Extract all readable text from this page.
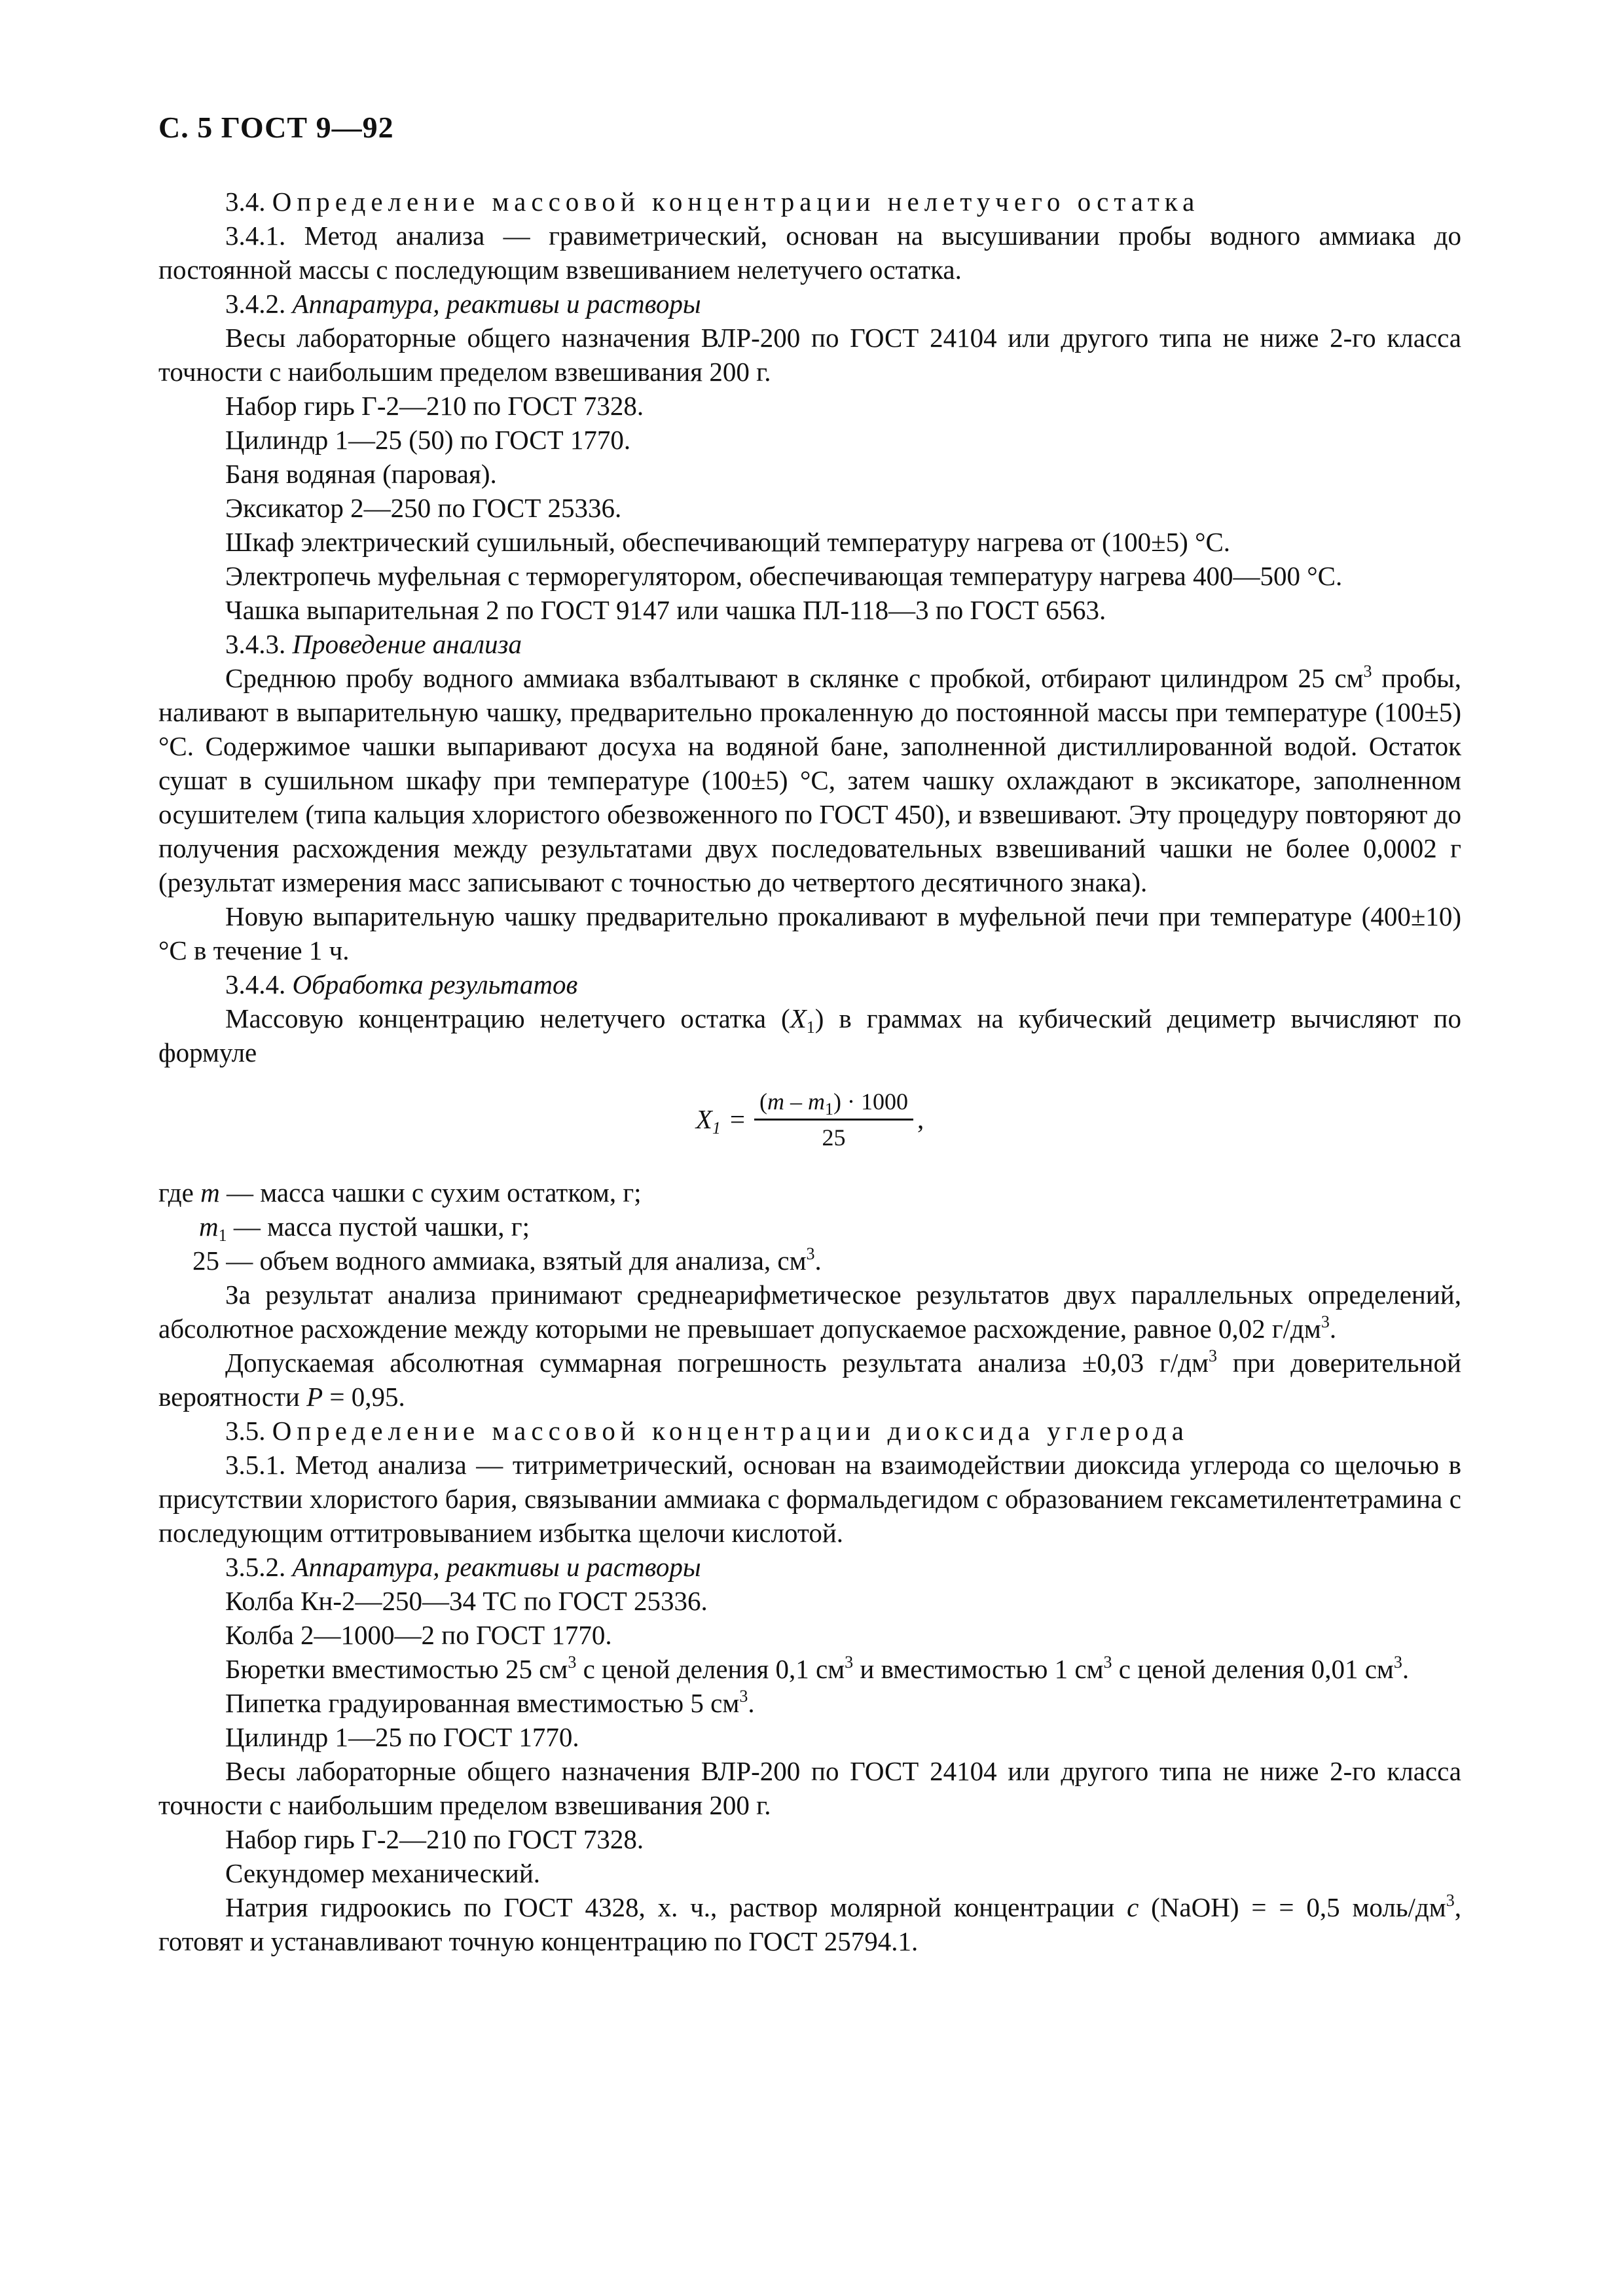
С. 5 ГОСТ 9—92

3.4. Определение массовой концентрации нелетучего остатка

3.4.1. Метод анализа — гравиметрический, основан на высушивании пробы водного аммиака до постоянной массы с последующим взвешиванием нелетучего остатка.

3.4.2. Аппаратура, реактивы и растворы

Весы лабораторные общего назначения ВЛР-200 по ГОСТ 24104 или другого типа не ниже 2-го класса точности с наибольшим пределом взвешивания 200 г.

Набор гирь Г-2—210 по ГОСТ 7328.

Цилиндр 1—25 (50) по ГОСТ 1770.

Баня водяная (паровая).

Эксикатор 2—250 по ГОСТ 25336.

Шкаф электрический сушильный, обеспечивающий температуру нагрева от (100±5) °С.

Электропечь муфельная с терморегулятором, обеспечивающая температуру нагрева 400—500 °С.

Чашка выпарительная 2 по ГОСТ 9147 или чашка ПЛ-118—3 по ГОСТ 6563.

3.4.3. Проведение анализа

Среднюю пробу водного аммиака взбалтывают в склянке с пробкой, отбирают цилиндром 25 $см^3$ пробы, наливают в выпарительную чашку, предварительно прокаленную до постоянной массы при температуре (100±5) °С. Содержимое чашки выпаривают досуха на водяной бане, заполненной дистиллированной водой. Остаток сушат в сушильном шкафу при температуре (100±5) °С, затем чашку охлаждают в эксикаторе, заполненном осушителем (типа кальция хлористого обезвоженного по ГОСТ 450), и взвешивают. Эту процедуру повторяют до получения расхождения между результатами двух последовательных взвешиваний чашки не более 0,0002 г (результат измерения масс записывают с точностью до четвертого десятичного знака).

Новую выпарительную чашку предварительно прокаливают в муфельной печи при температуре (400±10) °С в течение 1 ч.

3.4.4. Обработка результатов

Массовую концентрацию нелетучего остатка $(X_1)$ в граммах на кубический дециметр вычисляют по формуле

$X_1 = \frac{(m - m_1) \cdot 1000}{25}$ ,

где m — масса чашки с сухим остатком, г;

$m_1$ — масса пустой чашки, г;

25 — объем водного аммиака, взятый для анализа, $см^3$.

За результат анализа принимают среднеарифметическое результатов двух параллельных определений, абсолютное расхождение между которыми не превышает допускаемое расхождение, равное 0,02 $г/дм^3$.

Допускаемая абсолютная суммарная погрешность результата анализа ±0,03 $г/дм^3$ при доверительной вероятности P = 0,95.

3.5. Определение массовой концентрации диоксида углерода

3.5.1. Метод анализа — титриметрический, основан на взаимодействии диоксида углерода со щелочью в присутствии хлористого бария, связывании аммиака с формальдегидом с образованием гексаметилентетрамина с последующим оттитровыванием избытка щелочи кислотой.

3.5.2. Аппаратура, реактивы и растворы

Колба Кн-2—250—34 ТС по ГОСТ 25336.

Колба 2—1000—2 по ГОСТ 1770.

Бюретки вместимостью 25 $см^3$ с ценой деления 0,1 $см^3$ и вместимостью 1 $см^3$ с ценой деления 0,01 $см^3$.

Пипетка градуированная вместимостью 5 $см^3$.

Цилиндр 1—25 по ГОСТ 1770.

Весы лабораторные общего назначения ВЛР-200 по ГОСТ 24104 или другого типа не ниже 2-го класса точности с наибольшим пределом взвешивания 200 г.

Набор гирь Г-2—210 по ГОСТ 7328.

Секундомер механический.

Натрия гидроокись по ГОСТ 4328, х. ч., раствор молярной концентрации c (NaOH) = = 0,5 моль/$дм^3$, готовят и устанавливают точную концентрацию по ГОСТ 25794.1.
